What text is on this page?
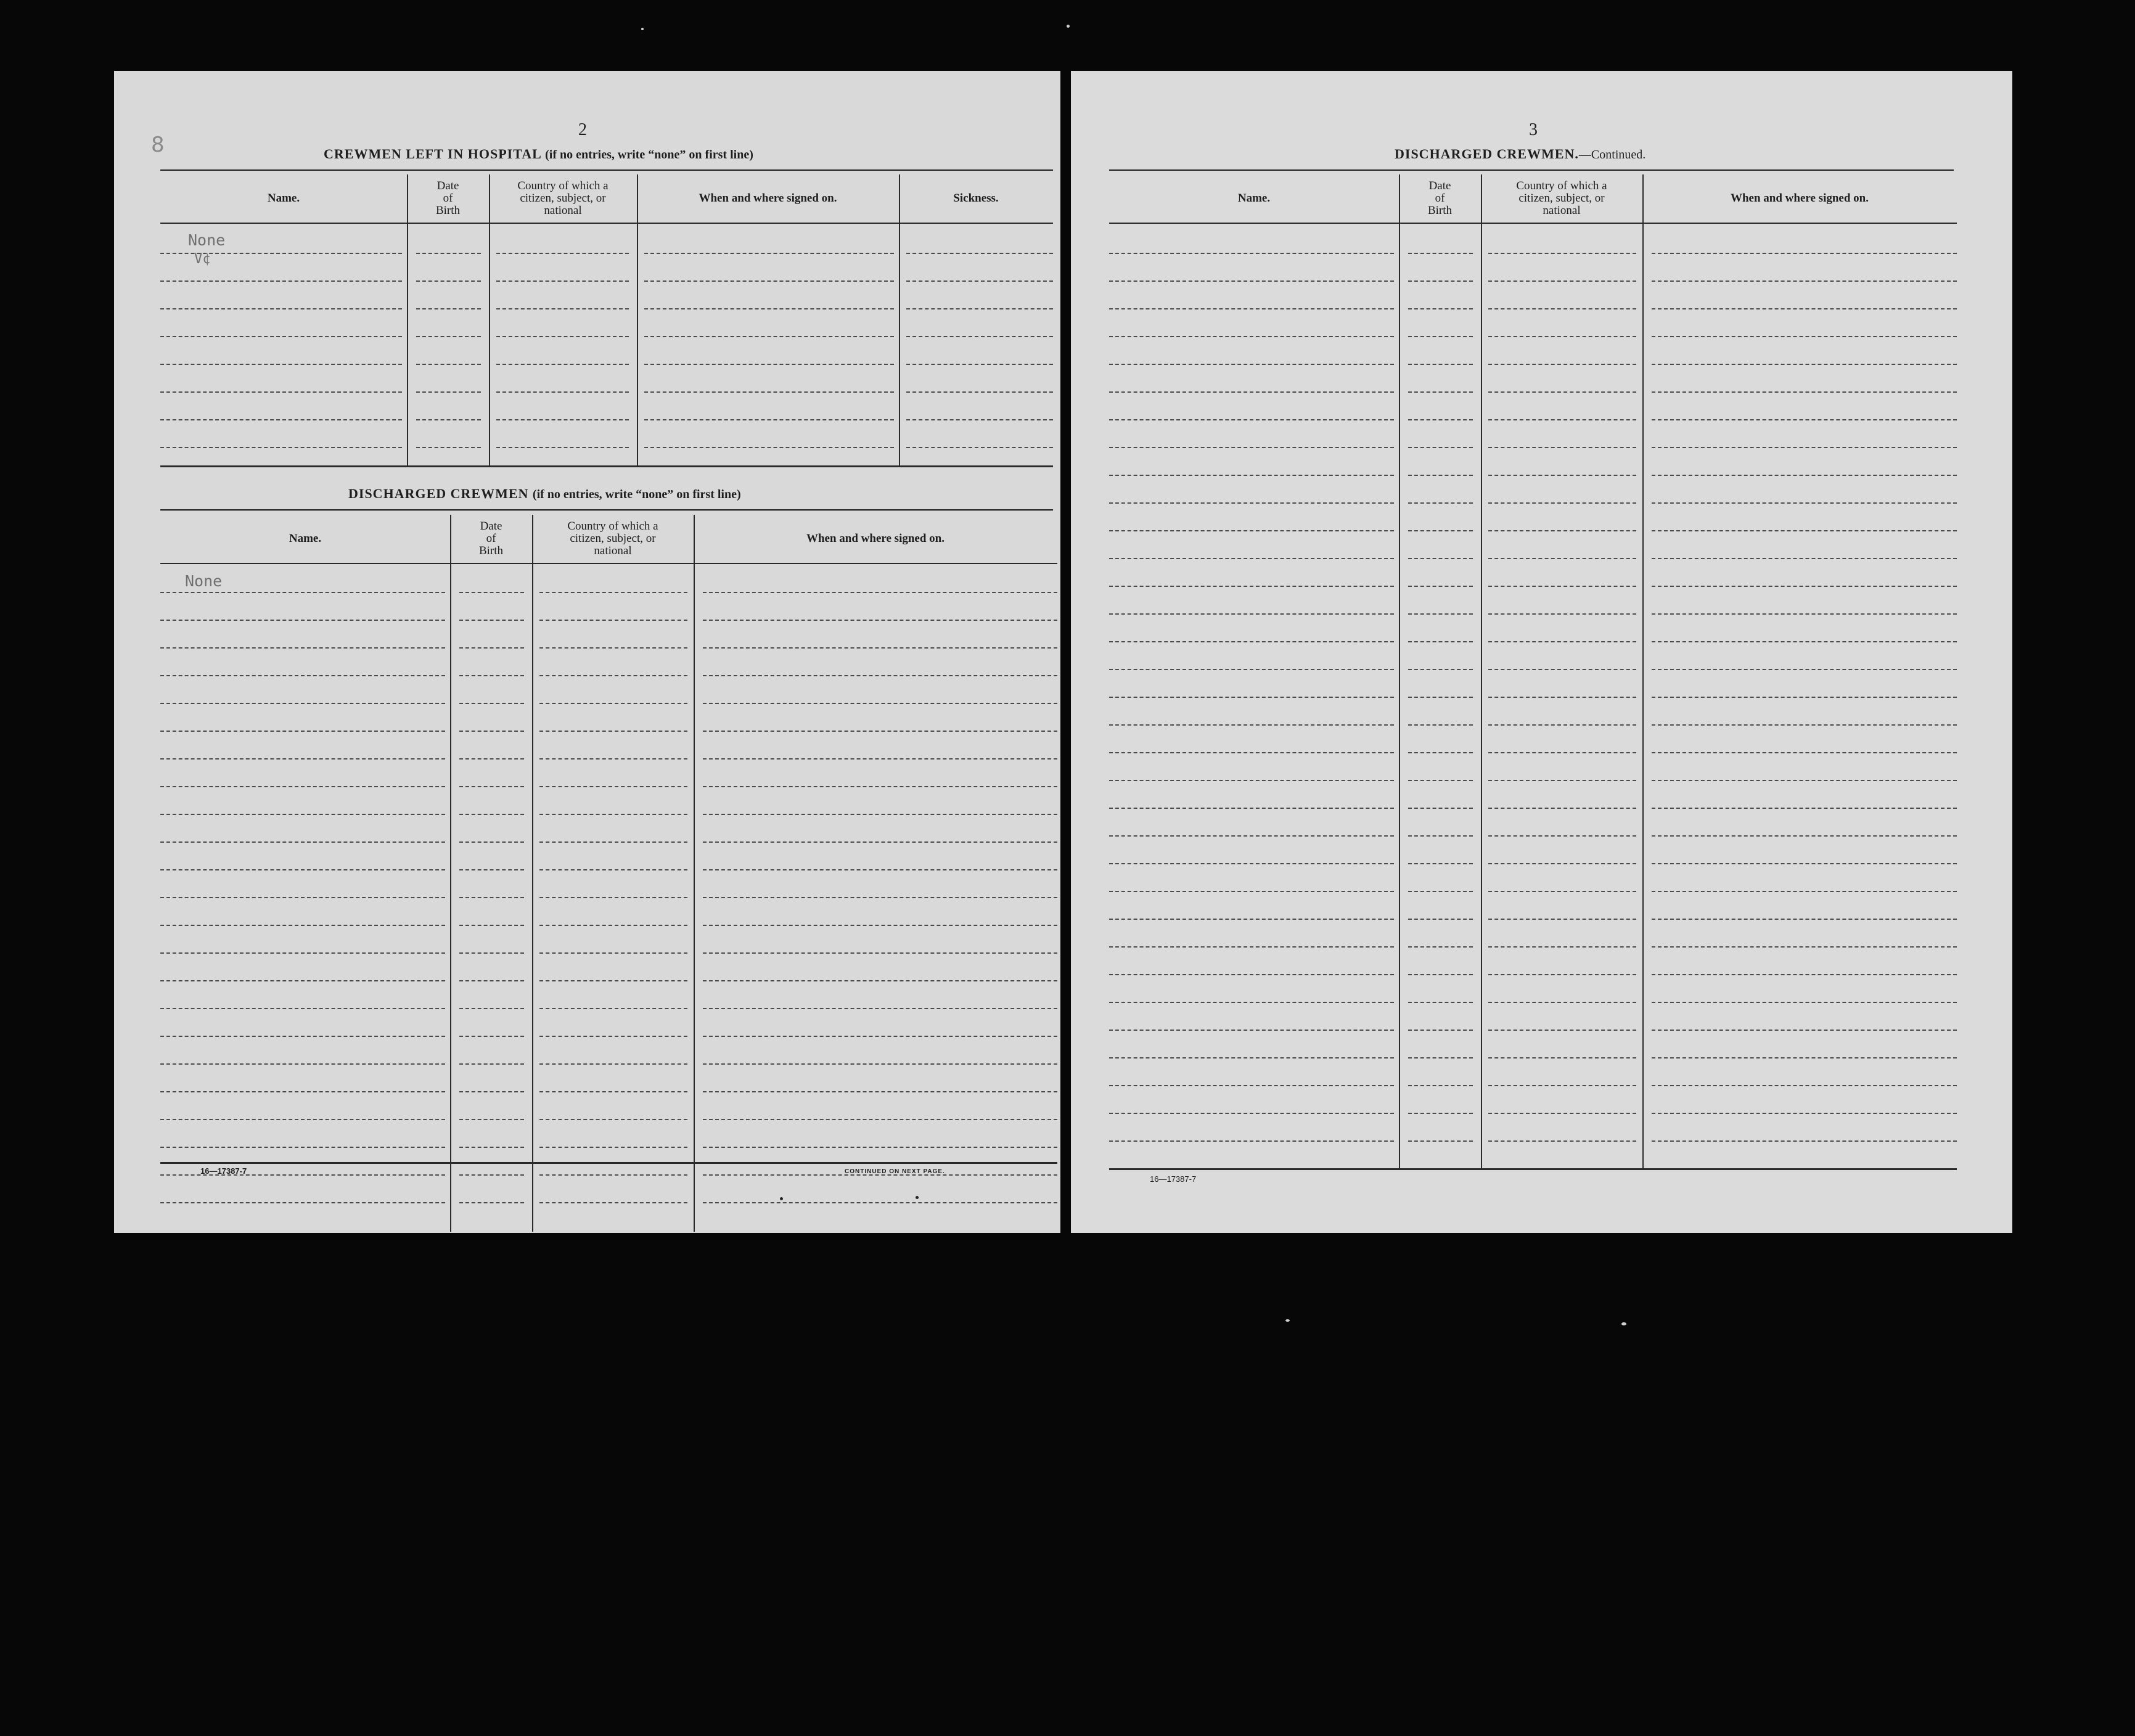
8
2
CREWMEN LEFT IN HOSPITAL (if no entries, write “none” on first line)
Name.
Date
of
Birth
Country of which a
citizen, subject, or
national
When and where signed on.	Sickness.
None
V¢
DISCHARGED CREWMEN (if no entries, write “none” on first line)
Name.
Date
of
Birth
Country of which a
citizen, subject, or
national
When and where signed on.
None
16—17387-7	CONTINUED ON NEXT PAGE.
3
DISCHARGED CREWMEN.—Continued.
Name.
Date
of
Birth
Country of which a
citizen, subject, or
national
When and where signed on.
16—17387-7
